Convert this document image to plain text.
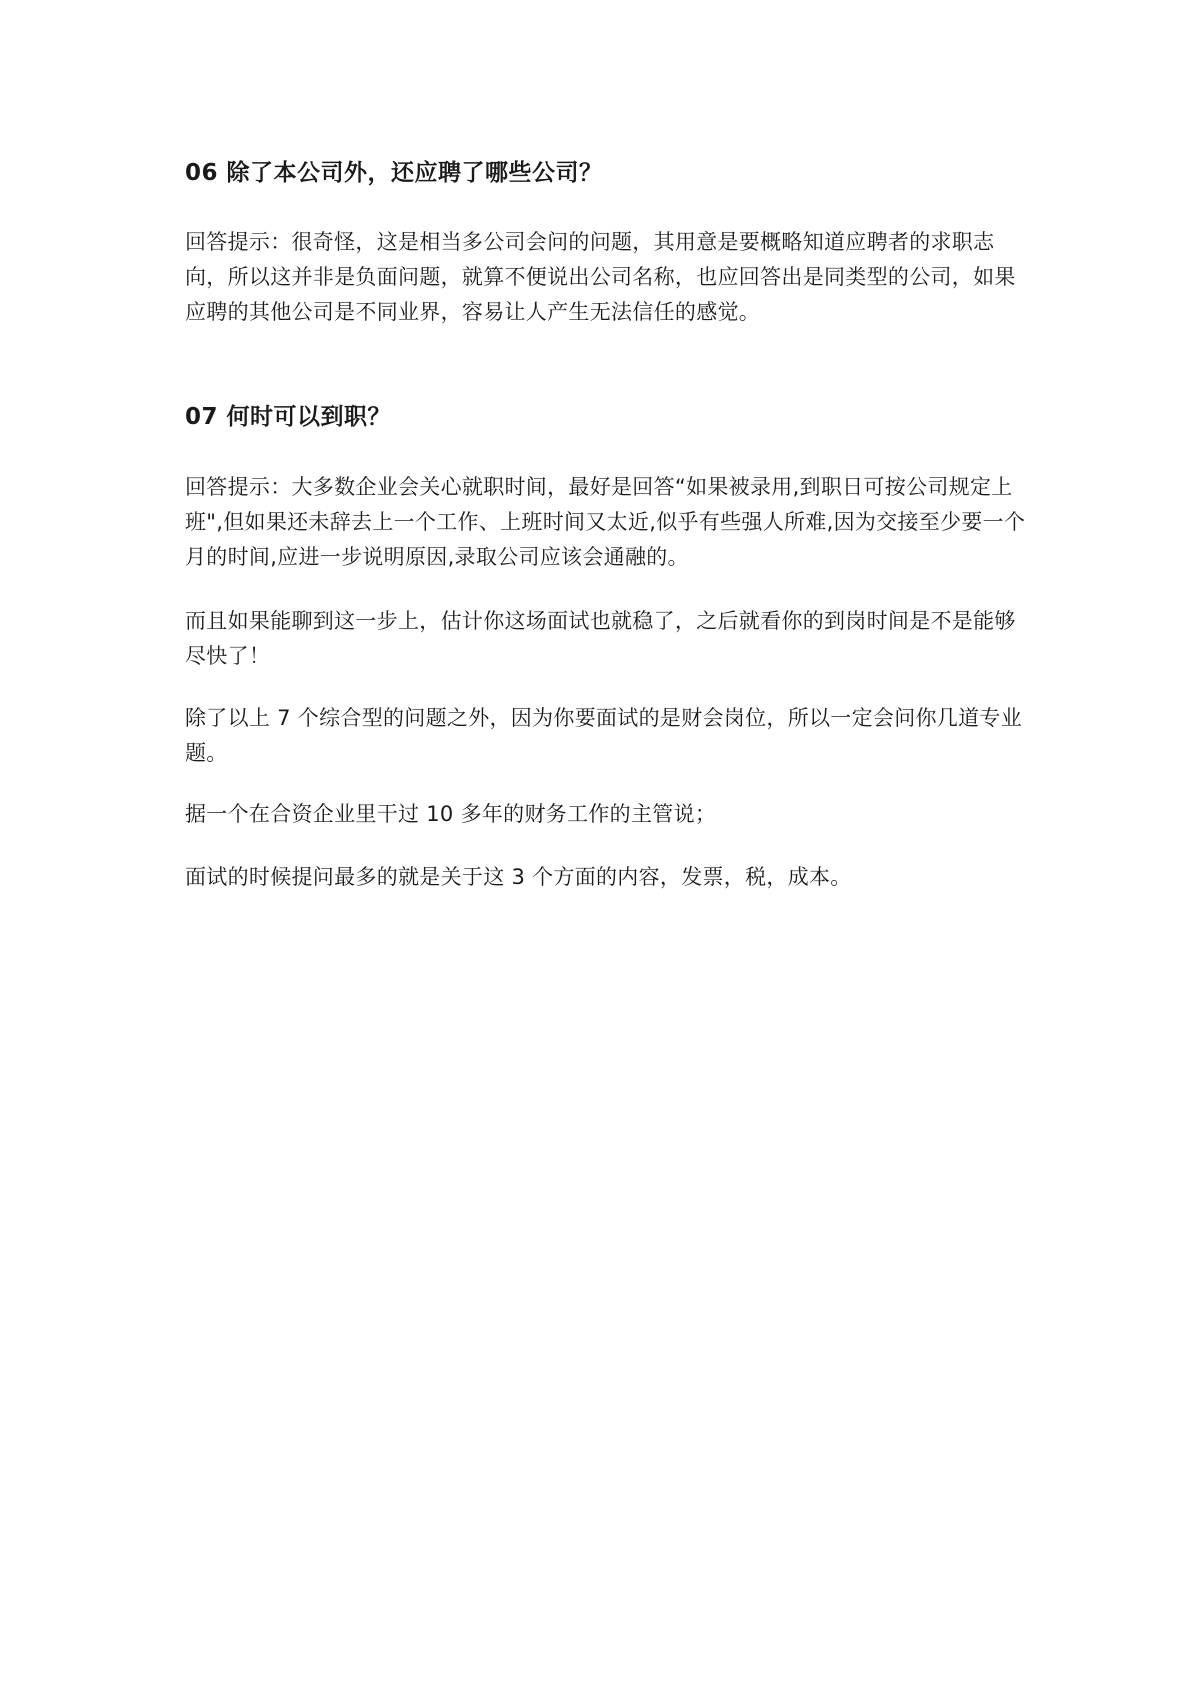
06 除了本公司外，还应聘了哪些公司？

回答提示：很奇怪，这是相当多公司会问的问题，其用意是要概略知道应聘者的求职志向，所以这并非是负面问题，就算不便说出公司名称，也应回答出是同类型的公司，如果应聘的其他公司是不同业界，容易让人产生无法信任的感觉。

07 何时可以到职？

回答提示：大多数企业会关心就职时间，最好是回答“如果被录用,到职日可按公司规定上班",但如果还未辞去上一个工作、上班时间又太近,似乎有些强人所难,因为交接至少要一个月的时间,应进一步说明原因,录取公司应该会通融的。

而且如果能聊到这一步上，估计你这场面试也就稳了，之后就看你的到岗时间是不是能够尽快了！

除了以上 7 个综合型的问题之外，因为你要面试的是财会岗位，所以一定会问你几道专业题。

据一个在合资企业里干过 10 多年的财务工作的主管说；

面试的时候提问最多的就是关于这 3 个方面的内容，发票，税，成本。
